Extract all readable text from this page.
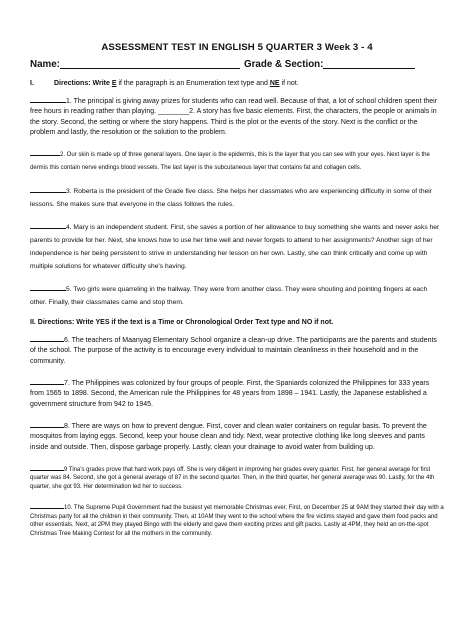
ASSESSMENT TEST IN ENGLISH 5 QUARTER 3 Week 3 - 4
Name:	Grade & Section:
I.	Directions: Write E if the paragraph is an Enumeration text type and NE if not.

1. The principal is giving away prizes for students who can read well. Because of that, a lot of school children spent their free hours in reading rather than playing. ________2. A story has five basic elements. First, the characters, the people or animals in the story. Second, the setting or where the story happens. Third is the plot or the events of the story. Next is the conflict or the problem and lastly, the resolution or the solution to the problem.

2. Our skin is made up of three general layers. One layer is the epidermis, this is the layer that you can see with your eyes. Next layer is the dermis this contain nerve endings blood vessels. The last layer is the subcutaneous layer that contains fat and collagen cells.

3. Roberta is the president of the Grade five class. She helps her classmates who are experiencing difficulty in some of their lessons. She makes sure that everyone in the class follows the rules.

4. Mary is an independent student. First, she saves a portion of her allowance to buy something she wants and never asks her parents to provide for her. Next, she knows how to use her time well and never forgets to attend to her assignments? Another sign of her independence is her being persistent to strive in understanding her lesson on her own. Lastly, she can think critically and come up with multiple solutions for whatever difficulty she's having.

5. Two girls were quarreling in the hallway. They were from another class. They were shouting and pointing fingers at each other. Finally, their classmates came and stop them.

II. Directions: Write YES if the text is a Time or Chronological Order Text type and NO if not.

6. The teachers of Maanyag Elementary School organize a clean-up drive. The participants are the parents and students of the school. The purpose of the activity is to encourage every individual to maintain cleanliness in their household and in the community.

7. The Philippines was colonized by four groups of people. First, the Spaniards colonized the Philippines for 333 years from 1565 to 1898. Second, the American rule the Philippines for 48 years from 1898 – 1941. Lastly, the Japanese established a government structure from 942 to 1945.

8. There are ways on how to prevent dengue. First, cover and clean water containers on regular basis. To prevent the mosquitos from laying eggs. Second, keep your house clean and tidy. Next, wear protective clothing like long sleeves and pants inside and outside. Then, dispose garbage properly. Lastly, clean your drainage to avoid water from building up.

9 Tina's grades prove that hard work pays off. She is very diligent in improving her grades every quarter. First, her general average for first quarter was 84. Second, she got a general average of 87 in the second quarter. Then, in the third quarter, her general average was 90. Lastly, for the 4th quarter, she got 93. Her determination led her to success.

10. The Supreme Pupil Government had the busiest yet memorable Christmas ever. First, on December 25 at 9AM they started their day with a Christmas party for all the children in their community. Then, at 10AM they went to the school where the fire victims stayed and gave them food packs and other essentials. Next, at 2PM they played Bingo with the elderly and gave them exciting prizes and gift packs. Lastly at 4PM, they held an on-the-spot Christmas Tree Making Contest for all the mothers in the community.
